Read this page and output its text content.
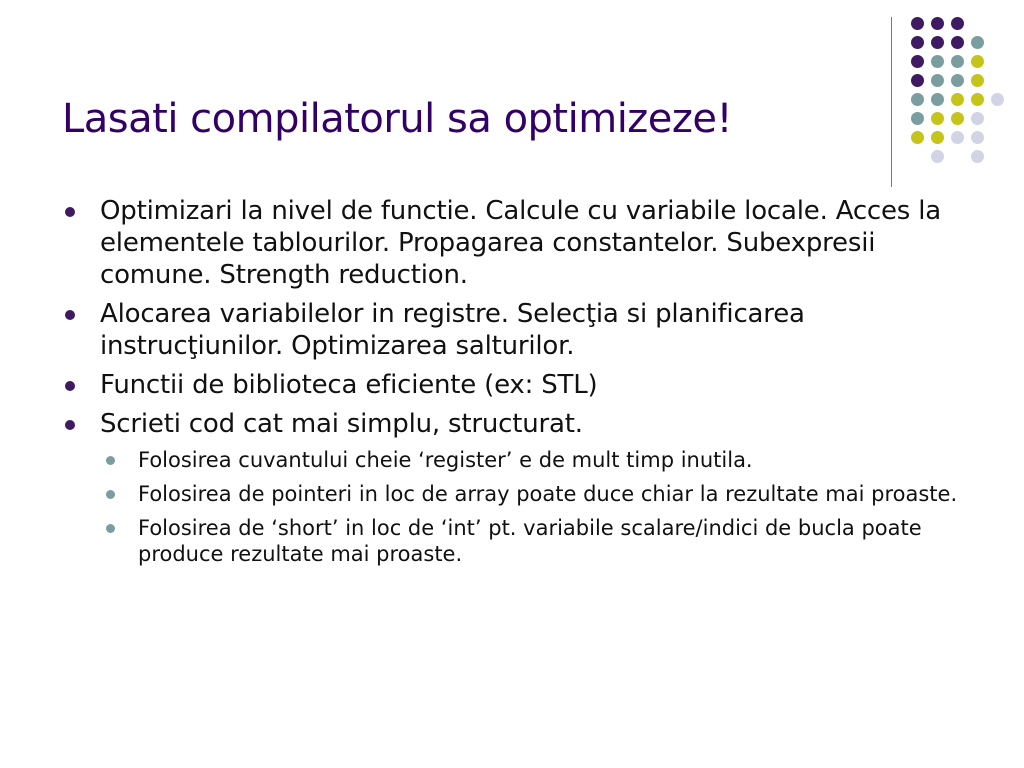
Lasati compilatorul sa optimizeze!
Optimizari la nivel de functie. Calcule cu variabile locale. Acces la elementele tablourilor. Propagarea constantelor. Subexpresii comune. Strength reduction.
Alocarea variabilelor in registre. Selecţia si planificarea instrucţiunilor. Optimizarea salturilor.
Functii de biblioteca eficiente (ex: STL)
Scrieti cod cat mai simplu, structurat.
Folosirea cuvantului cheie ‘register’ e de mult timp inutila.
Folosirea de pointeri in loc de array poate duce chiar la rezultate mai proaste.
Folosirea de ‘short’ in loc de ‘int’ pt. variabile scalare/indici de bucla poate produce rezultate mai proaste.
